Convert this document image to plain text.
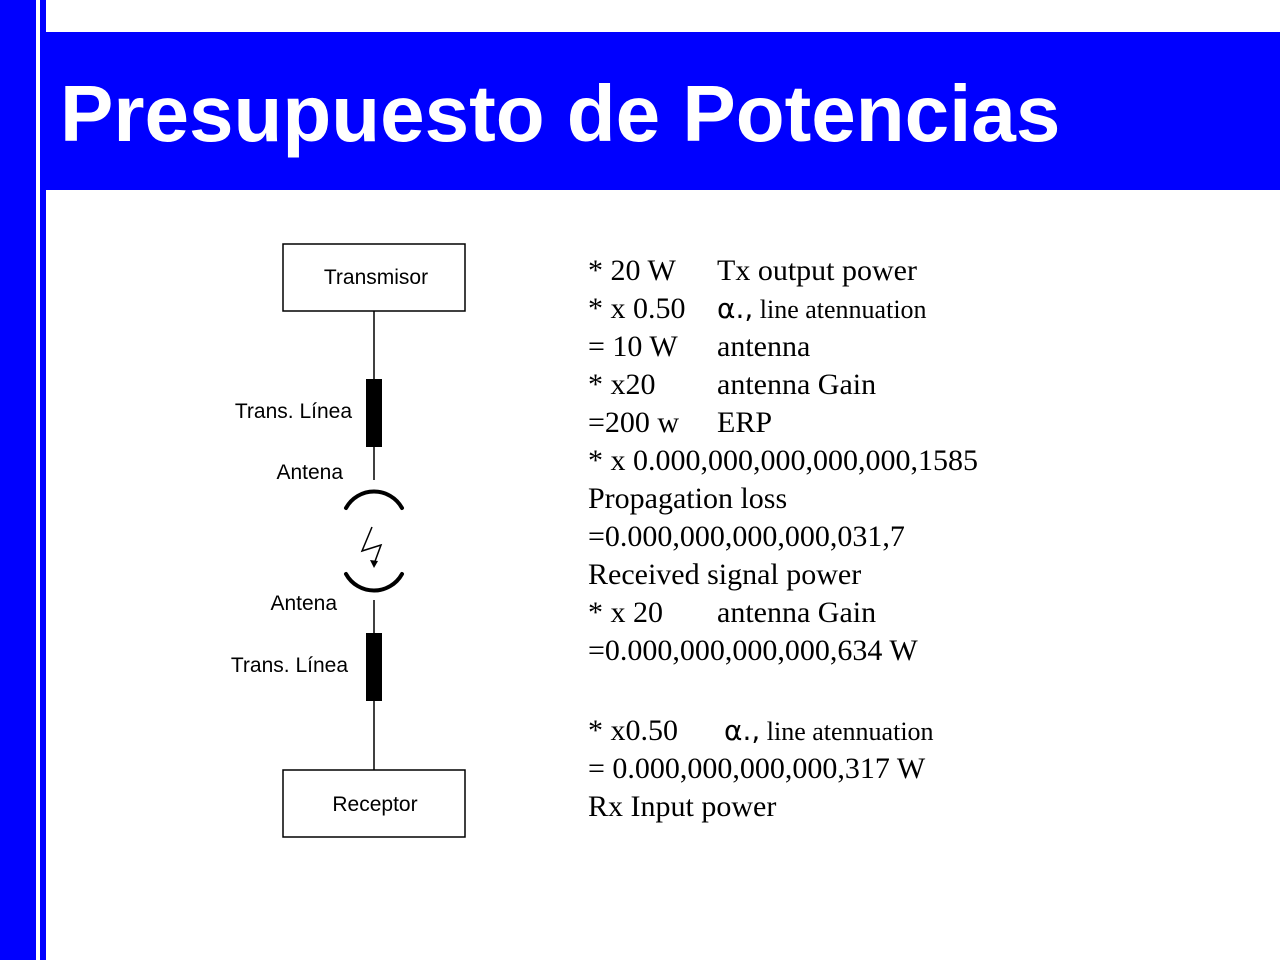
Presupuesto de Potencias
Transmisor
Trans. Línea
Antena
Antena
Trans. Línea
Receptor
* 20 W Tx output power
* x 0.50 α., line atennuation
= 10 W antenna
* x20 antenna Gain
=200 w ERP
* x 0.000,000,000,000,000,1585
Propagation loss
=0.000,000,000,000,031,7
Received signal power
* x 20 antenna Gain
=0.000,000,000,000,634 W
* x0.50 α., line atennuation
= 0.000,000,000,000,317 W
Rx Input power
